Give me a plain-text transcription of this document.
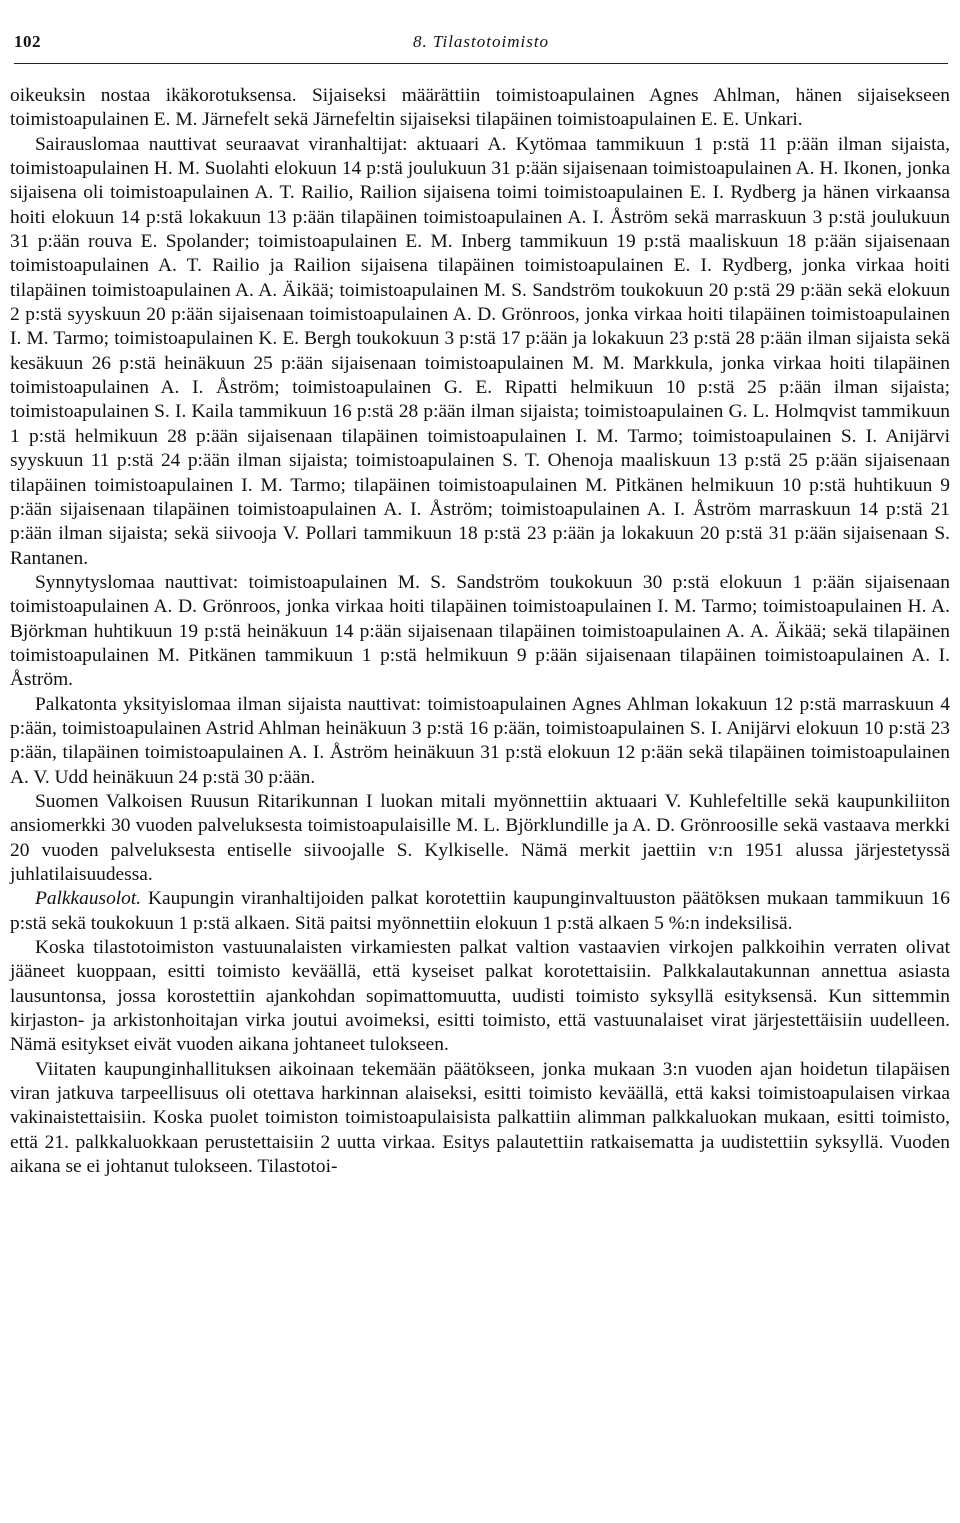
102	8. Tilastotoimisto

oikeuksin nostaa ikäkorotuksensa. Sijaiseksi määrättiin toimistoapulainen Agnes Ahlman, hänen sijaisekseen toimistoapulainen E. M. Järnefelt sekä Järnefeltin sijaiseksi tilapäinen toimistoapulainen E. E. Unkari.

Sairauslomaa nauttivat seuraavat viranhaltijat: aktuaari A. Kytömaa tammikuun 1 p:stä 11 p:ään ilman sijaista, toimistoapulainen H. M. Suolahti elokuun 14 p:stä joulukuun 31 p:ään sijaisenaan toimistoapulainen A. H. Ikonen, jonka sijaisena oli toimistoapulainen A. T. Railio, Railion sijaisena toimi toimistoapulainen E. I. Rydberg ja hänen virkaansa hoiti elokuun 14 p:stä lokakuun 13 p:ään tilapäinen toimistoapulainen A. I. Åström sekä marraskuun 3 p:stä joulukuun 31 p:ään rouva E. Spolander; toimistoapulainen E. M. Inberg tammikuun 19 p:stä maaliskuun 18 p:ään sijaisenaan toimistoapulainen A. T. Railio ja Railion sijaisena tilapäinen toimistoapulainen E. I. Rydberg, jonka virkaa hoiti tilapäinen toimistoapulainen A. A. Äikää; toimistoapulainen M. S. Sandström toukokuun 20 p:stä 29 p:ään sekä elokuun 2 p:stä syyskuun 20 p:ään sijaisenaan toimistoapulainen A. D. Grönroos, jonka virkaa hoiti tilapäinen toimistoapulainen I. M. Tarmo; toimistoapulainen K. E. Bergh toukokuun 3 p:stä 17 p:ään ja lokakuun 23 p:stä 28 p:ään ilman sijaista sekä kesäkuun 26 p:stä heinäkuun 25 p:ään sijaisenaan toimistoapulainen M. M. Markkula, jonka virkaa hoiti tilapäinen toimistoapulainen A. I. Åström; toimistoapulainen G. E. Ripatti helmikuun 10 p:stä 25 p:ään ilman sijaista; toimistoapulainen S. I. Kaila tammikuun 16 p:stä 28 p:ään ilman sijaista; toimistoapulainen G. L. Holmqvist tammikuun 1 p:stä helmikuun 28 p:ään sijaisenaan tilapäinen toimistoapulainen I. M. Tarmo; toimistoapulainen S. I. Anijärvi syyskuun 11 p:stä 24 p:ään ilman sijaista; toimistoapulainen S. T. Ohenoja maaliskuun 13 p:stä 25 p:ään sijaisenaan tilapäinen toimistoapulainen I. M. Tarmo; tilapäinen toimistoapulainen M. Pitkänen helmikuun 10 p:stä huhtikuun 9 p:ään sijaisenaan tilapäinen toimistoapulainen A. I. Åström; toimistoapulainen A. I. Åström marraskuun 14 p:stä 21 p:ään ilman sijaista; sekä siivooja V. Pollari tammikuun 18 p:stä 23 p:ään ja lokakuun 20 p:stä 31 p:ään sijaisenaan S. Rantanen.

Synnytyslomaa nauttivat: toimistoapulainen M. S. Sandström toukokuun 30 p:stä elokuun 1 p:ään sijaisenaan toimistoapulainen A. D. Grönroos, jonka virkaa hoiti tilapäinen toimistoapulainen I. M. Tarmo; toimistoapulainen H. A. Björkman huhtikuun 19 p:stä heinäkuun 14 p:ään sijaisenaan tilapäinen toimistoapulainen A. A. Äikää; sekä tilapäinen toimistoapulainen M. Pitkänen tammikuun 1 p:stä helmikuun 9 p:ään sijaisenaan tilapäinen toimistoapulainen A. I. Åström.

Palkatonta yksityislomaa ilman sijaista nauttivat: toimistoapulainen Agnes Ahlman lokakuun 12 p:stä marraskuun 4 p:ään, toimistoapulainen Astrid Ahlman heinäkuun 3 p:stä 16 p:ään, toimistoapulainen S. I. Anijärvi elokuun 10 p:stä 23 p:ään, tilapäinen toimistoapulainen A. I. Åström heinäkuun 31 p:stä elokuun 12 p:ään sekä tilapäinen toimistoapulainen A. V. Udd heinäkuun 24 p:stä 30 p:ään.

Suomen Valkoisen Ruusun Ritarikunnan I luokan mitali myönnettiin aktuaari V. Kuhlefeltille sekä kaupunkiliiton ansiomerkki 30 vuoden palveluksesta toimistoapulaisille M. L. Björklundille ja A. D. Grönroosille sekä vastaava merkki 20 vuoden palveluksesta entiselle siivoojalle S. Kylkiselle. Nämä merkit jaettiin v:n 1951 alussa järjestetyssä juhlatilaisuudessa.

Palkkausolot. Kaupungin viranhaltijoiden palkat korotettiin kaupunginvaltuuston päätöksen mukaan tammikuun 16 p:stä sekä toukokuun 1 p:stä alkaen. Sitä paitsi myönnettiin elokuun 1 p:stä alkaen 5 %:n indeksilisä.

Koska tilastotoimiston vastuunalaisten virkamiesten palkat valtion vastaavien virkojen palkkoihin verraten olivat jääneet kuoppaan, esitti toimisto keväällä, että kyseiset palkat korotettaisiin. Palkkalautakunnan annettua asiasta lausuntonsa, jossa korostettiin ajankohdan sopimattomuutta, uudisti toimisto syksyllä esityksensä. Kun sittemmin kirjaston- ja arkistonhoitajan virka joutui avoimeksi, esitti toimisto, että vastuunalaiset virat järjestettäisiin uudelleen. Nämä esitykset eivät vuoden aikana johtaneet tulokseen.

Viitaten kaupunginhallituksen aikoinaan tekemään päätökseen, jonka mukaan 3:n vuoden ajan hoidetun tilapäisen viran jatkuva tarpeellisuus oli otettava harkinnan alaiseksi, esitti toimisto keväällä, että kaksi toimistoapulaisen virkaa vakinaistettaisiin. Koska puolet toimiston toimistoapulaisista palkattiin alimman palkkaluokan mukaan, esitti toimisto, että 21. palkkaluokkaan perustettaisiin 2 uutta virkaa. Esitys palautettiin ratkaisematta ja uudistettiin syksyllä. Vuoden aikana se ei johtanut tulokseen. Tilastotoi-
